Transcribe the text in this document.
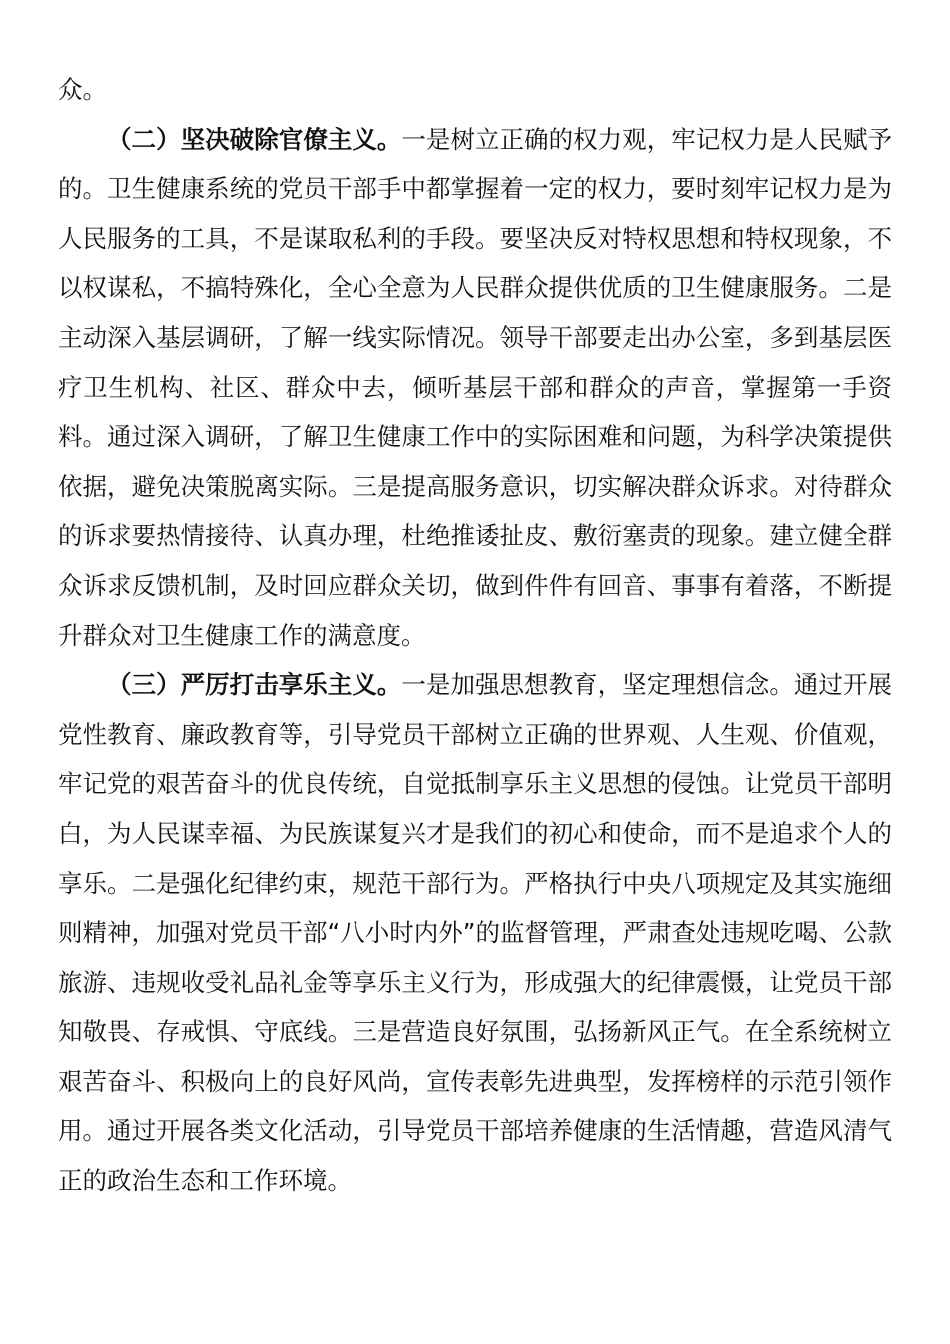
众。

（二）坚决破除官僚主义。一是树立正确的权力观，牢记权力是人民赋予的。卫生健康系统的党员干部手中都掌握着一定的权力，要时刻牢记权力是为人民服务的工具，不是谋取私利的手段。要坚决反对特权思想和特权现象，不以权谋私，不搞特殊化，全心全意为人民群众提供优质的卫生健康服务。二是主动深入基层调研，了解一线实际情况。领导干部要走出办公室，多到基层医疗卫生机构、社区、群众中去，倾听基层干部和群众的声音，掌握第一手资料。通过深入调研，了解卫生健康工作中的实际困难和问题，为科学决策提供依据，避免决策脱离实际。三是提高服务意识，切实解决群众诉求。对待群众的诉求要热情接待、认真办理，杜绝推诿扯皮、敷衍塞责的现象。建立健全群众诉求反馈机制，及时回应群众关切，做到件件有回音、事事有着落，不断提升群众对卫生健康工作的满意度。

（三）严厉打击享乐主义。一是加强思想教育，坚定理想信念。通过开展党性教育、廉政教育等，引导党员干部树立正确的世界观、人生观、价值观，牢记党的艰苦奋斗的优良传统，自觉抵制享乐主义思想的侵蚀。让党员干部明白，为人民谋幸福、为民族谋复兴才是我们的初心和使命，而不是追求个人的享乐。二是强化纪律约束，规范干部行为。严格执行中央八项规定及其实施细则精神，加强对党员干部“八小时内外”的监督管理，严肃查处违规吃喝、公款旅游、违规收受礼品礼金等享乐主义行为，形成强大的纪律震慑，让党员干部知敬畏、存戒惧、守底线。三是营造良好氛围，弘扬新风正气。在全系统树立艰苦奋斗、积极向上的良好风尚，宣传表彰先进典型，发挥榜样的示范引领作用。通过开展各类文化活动，引导党员干部培养健康的生活情趣，营造风清气正的政治生态和工作环境。
